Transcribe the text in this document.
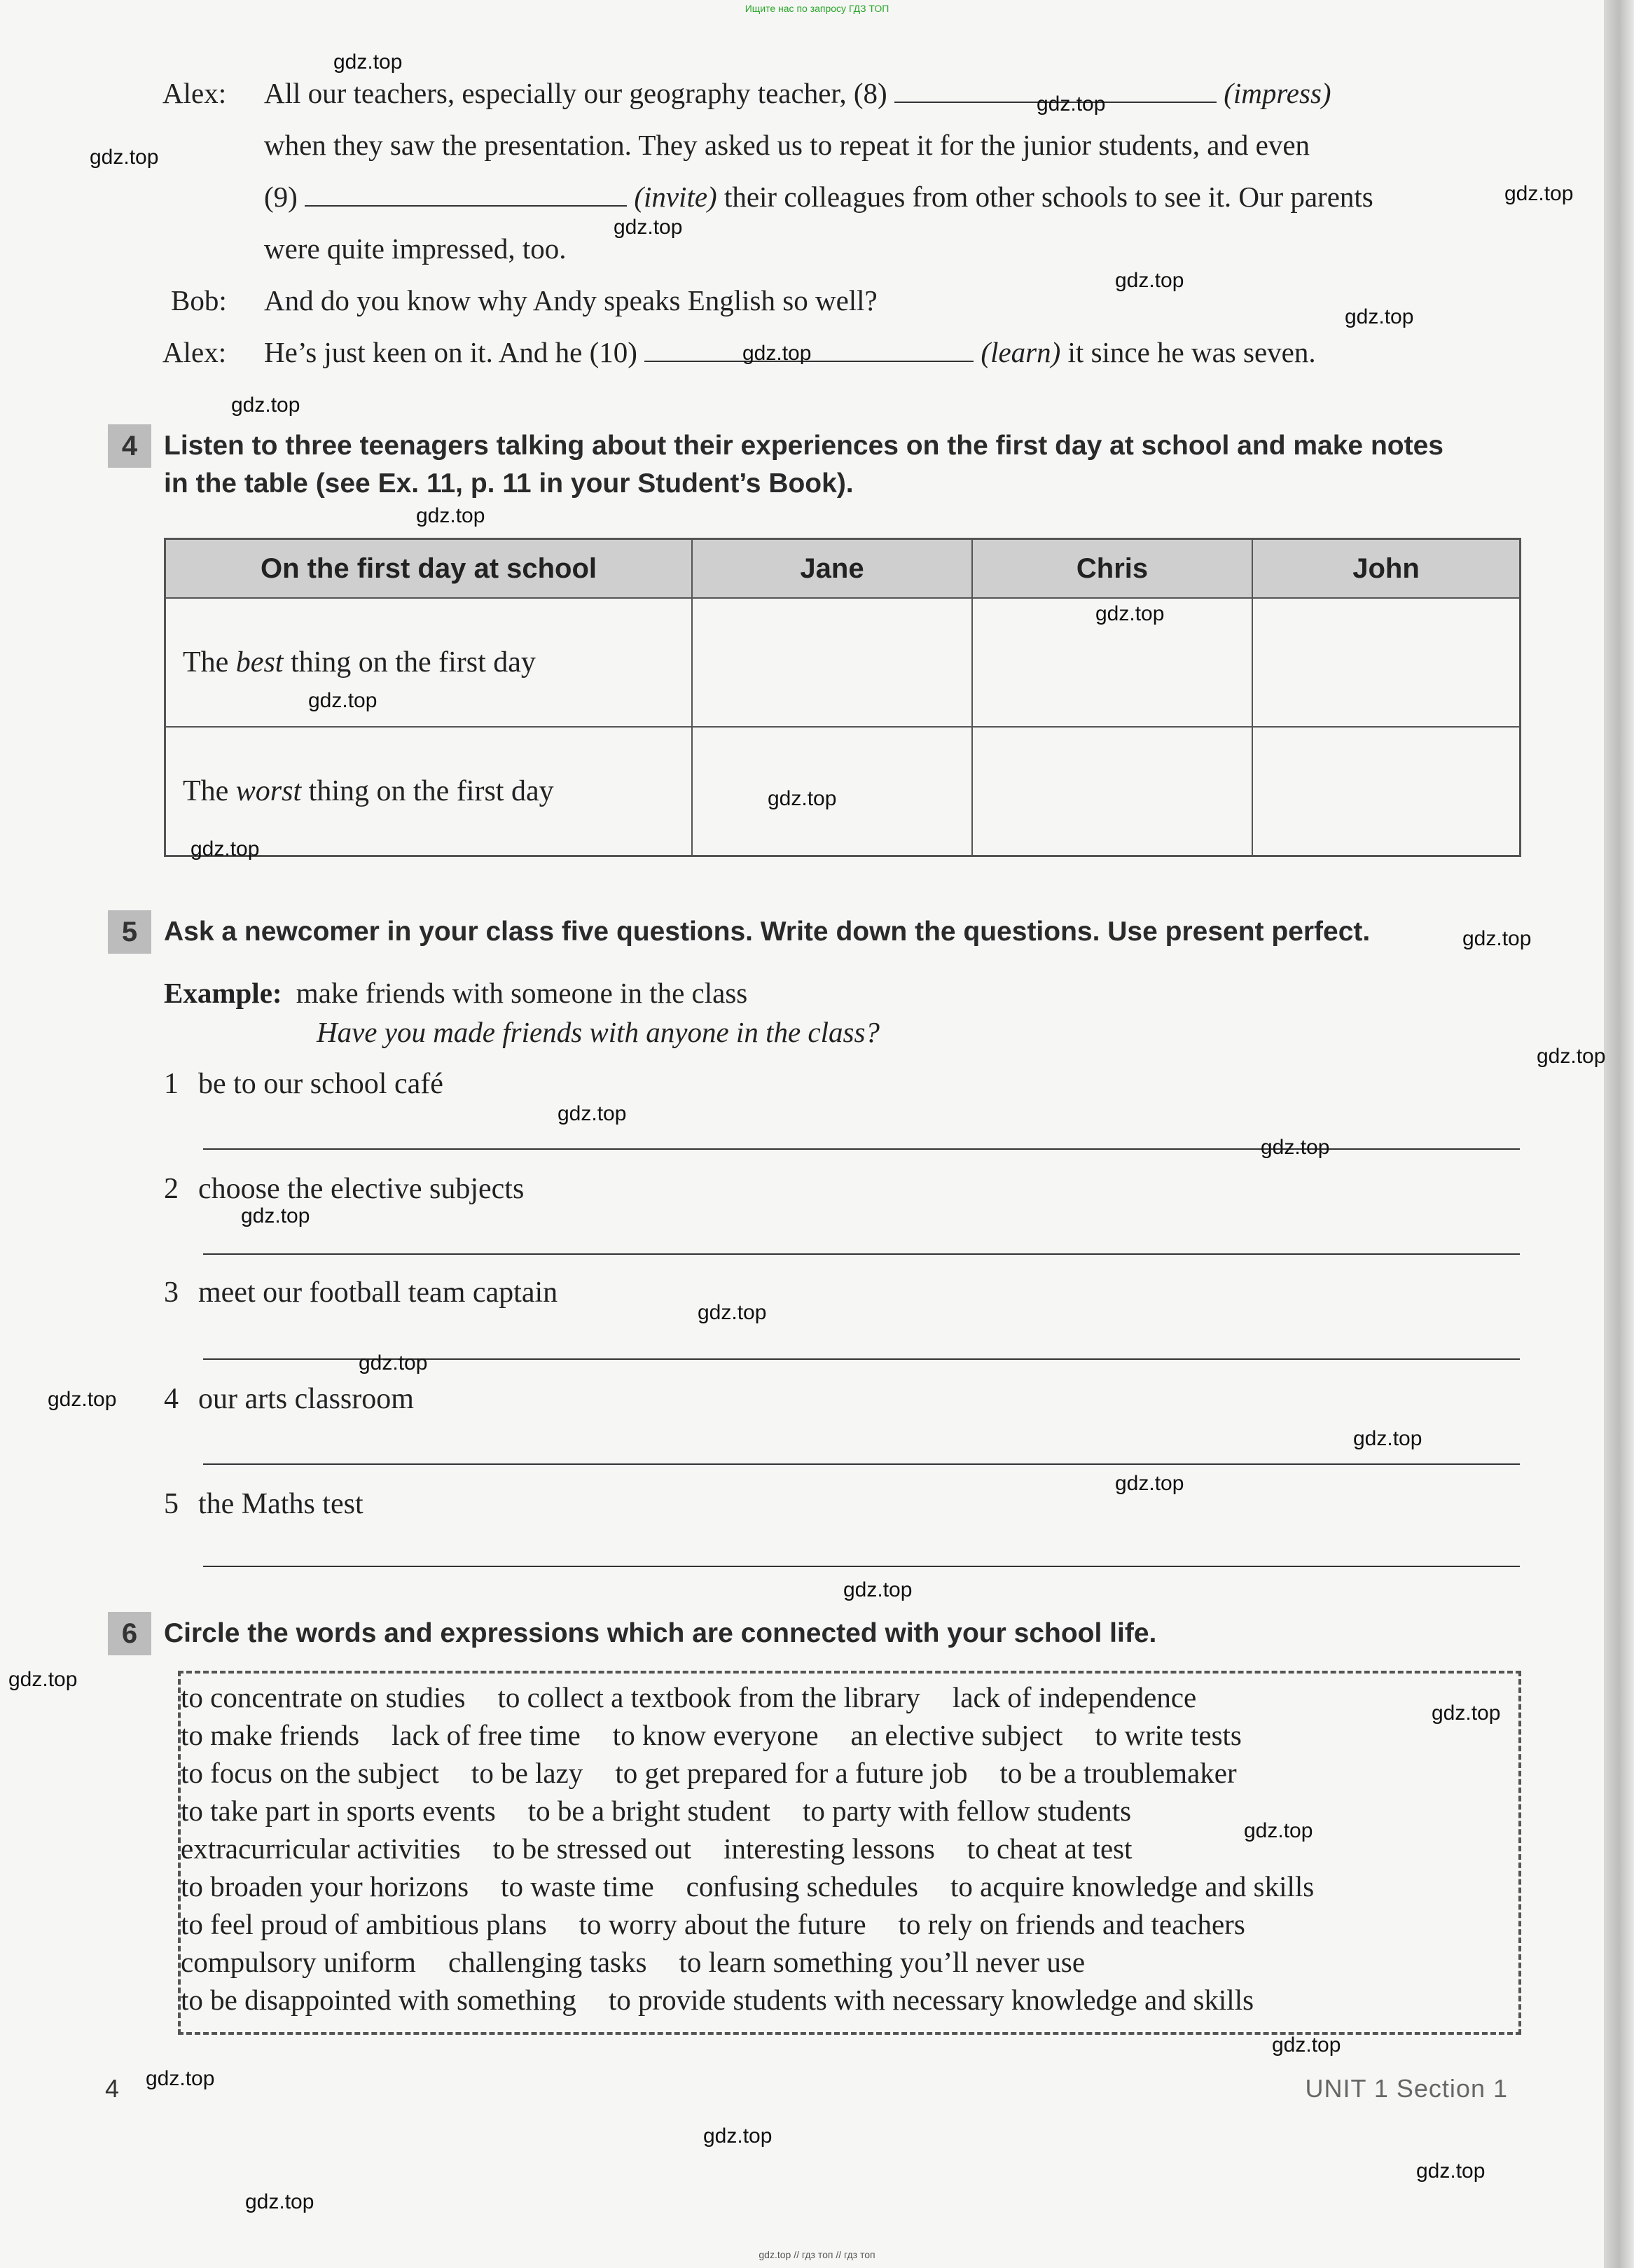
Ищите нас по запросу ГДЗ ТОП
Alex:	All our teachers, especially our geography teacher, (8)	(impress)
when they saw the presentation. They asked us to repeat it for the junior students, and even
(9)	(invite) their colleagues from other schools to see it. Our parents
were quite impressed, too.
Bob:	And do you know why Andy speaks English so well?
Alex:	He’s just keen on it. And he (10)	(learn) it since he was seven.
4 Listen to three teenagers talking about their experiences on the first day at school and make notes
in the table (see Ex. 11, p. 11 in your Student’s Book).
On the first day at school	Jane	Chris	John
The best thing on the first day			
The worst thing on the first day			
5 Ask a newcomer in your class five questions. Write down the questions. Use present perfect.
Example: make friends with someone in the class
Have you made friends with anyone in the class?
1 be to our school café
2 choose the elective subjects
3 meet our football team captain
4 our arts classroom
5 the Maths test
6 Circle the words and expressions which are connected with your school life.
to concentrate on studies to collect a textbook from the library lack of independence
to make friends lack of free time to know everyone an elective subject to write tests
to focus on the subject to be lazy to get prepared for a future job to be a troublemaker
to take part in sports events to be a bright student to party with fellow students
extracurricular activities to be stressed out interesting lessons to cheat at test
to broaden your horizons to waste time confusing schedules to acquire knowledge and skills
to feel proud of ambitious plans to worry about the future to rely on friends and teachers
compulsory uniform challenging tasks to learn something you’ll never use
to be disappointed with something to provide students with necessary knowledge and skills
4	UNIT 1 Section 1
gdz.top
gdz.top
gdz.top
gdz.top
gdz.top
gdz.top
gdz.top
gdz.top
gdz.top
gdz.top
gdz.top
gdz.top
gdz.top
gdz.top
gdz.top
gdz.top
gdz.top
gdz.top
gdz.top
gdz.top
gdz.top
gdz.top
gdz.top
gdz.top
gdz.top
gdz.top
gdz.top
gdz.top
gdz.top
gdz.top
gdz.top
gdz.top
gdz.top
gdz.top // гдз топ // гдз топ
